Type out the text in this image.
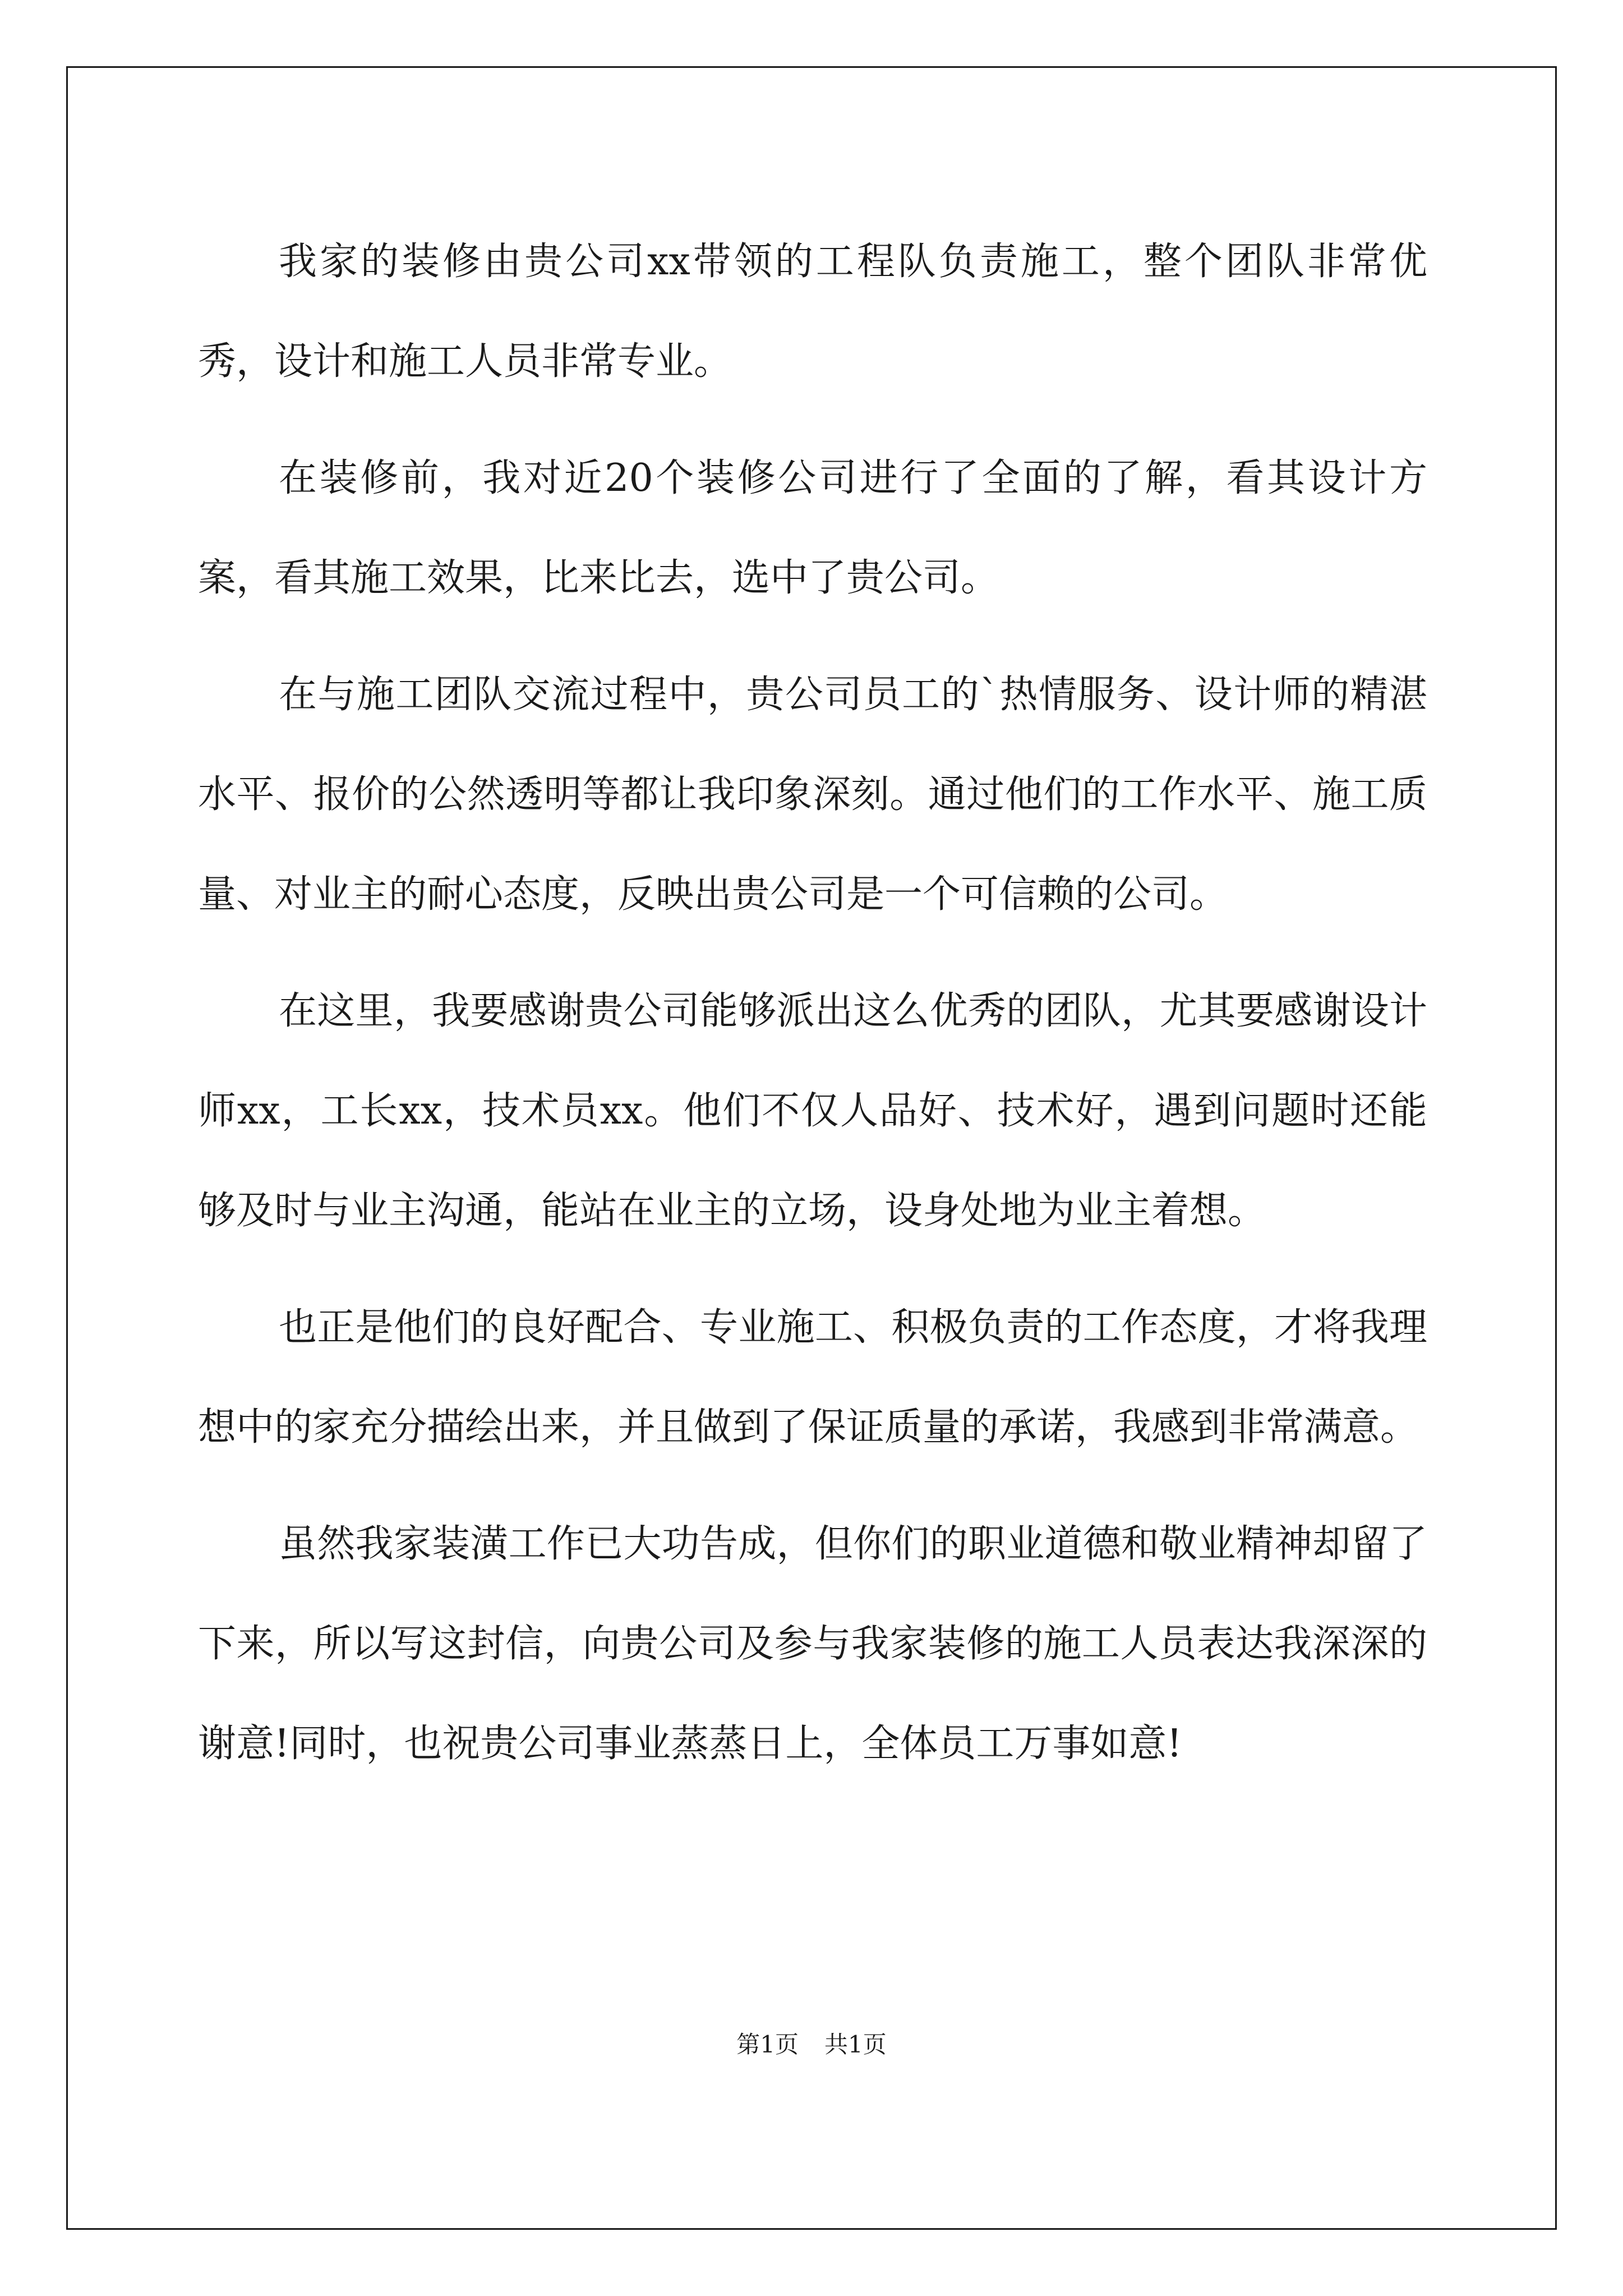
我家的装修由贵公司xx带领的工程队负责施工，整个团队非常优秀，设计和施工人员非常专业。

在装修前，我对近20个装修公司进行了全面的了解，看其设计方案，看其施工效果，比来比去，选中了贵公司。

在与施工团队交流过程中，贵公司员工的`热情服务、设计师的精湛水平、报价的公然透明等都让我印象深刻。通过他们的工作水平、施工质量、对业主的耐心态度，反映出贵公司是一个可信赖的公司。

在这里，我要感谢贵公司能够派出这么优秀的团队，尤其要感谢设计师xx，工长xx，技术员xx。他们不仅人品好、技术好，遇到问题时还能够及时与业主沟通，能站在业主的立场，设身处地为业主着想。

也正是他们的良好配合、专业施工、积极负责的工作态度，才将我理想中的家充分描绘出来，并且做到了保证质量的承诺，我感到非常满意。

虽然我家装潢工作已大功告成，但你们的职业道德和敬业精神却留了下来，所以写这封信，向贵公司及参与我家装修的施工人员表达我深深的谢意!同时，也祝贵公司事业蒸蒸日上，全体员工万事如意!

第1页 共1页
